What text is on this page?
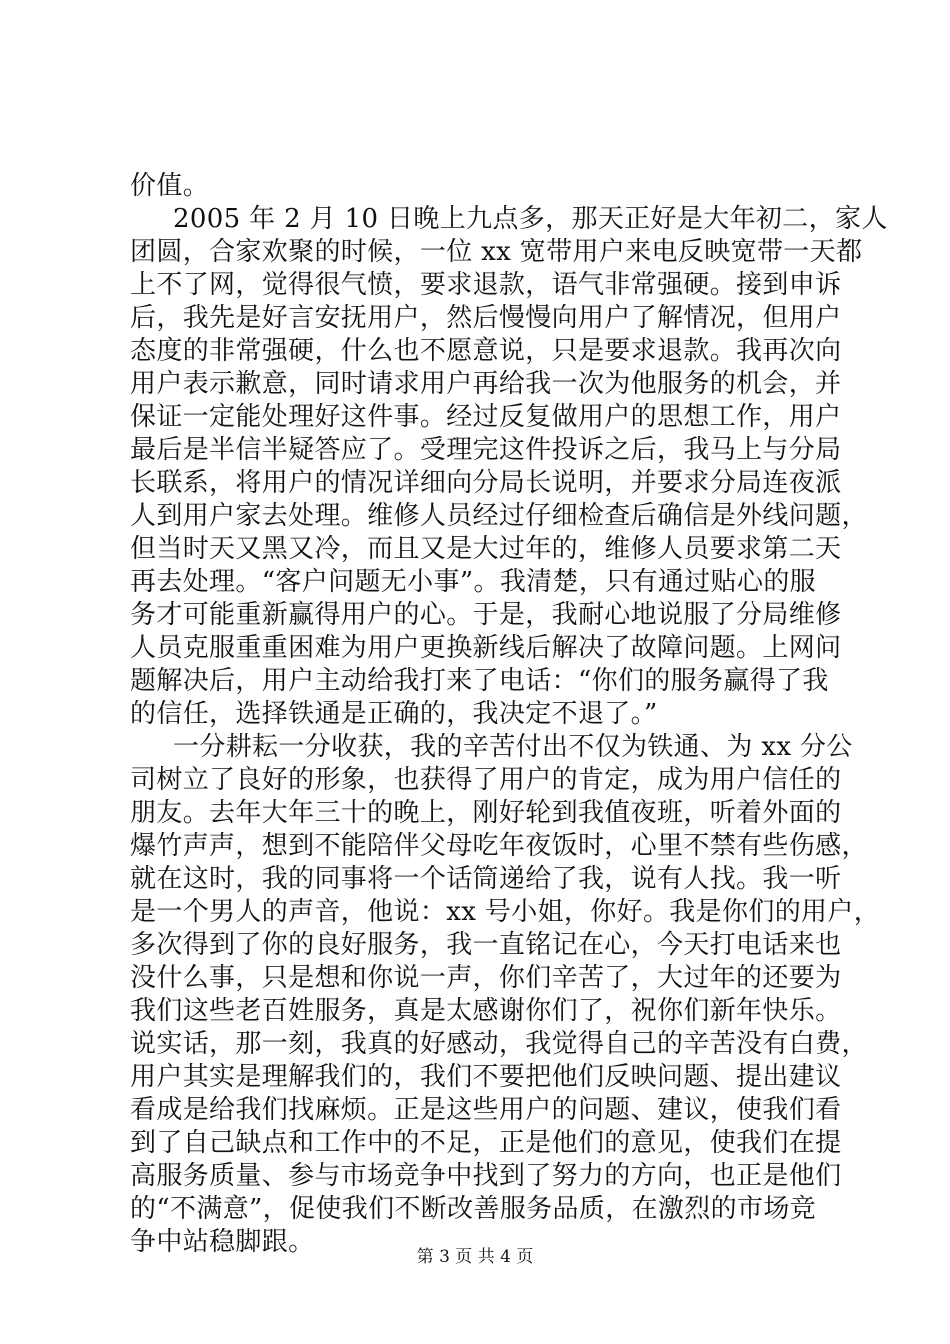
价值。
2005 年 2 月 10 日晚上九点多，那天正好是大年初二，家人
团圆，合家欢聚的时候，一位 xx 宽带用户来电反映宽带一天都
上不了网，觉得很气愤，要求退款，语气非常强硬。接到申诉
后，我先是好言安抚用户，然后慢慢向用户了解情况，但用户
态度的非常强硬，什么也不愿意说，只是要求退款。我再次向
用户表示歉意，同时请求用户再给我一次为他服务的机会，并
保证一定能处理好这件事。经过反复做用户的思想工作，用户
最后是半信半疑答应了。受理完这件投诉之后，我马上与分局
长联系，将用户的情况详细向分局长说明，并要求分局连夜派
人到用户家去处理。维修人员经过仔细检查后确信是外线问题，
但当时天又黑又冷，而且又是大过年的，维修人员要求第二天
再去处理。“客户问题无小事”。我清楚，只有通过贴心的服
务才可能重新赢得用户的心。于是，我耐心地说服了分局维修
人员克服重重困难为用户更换新线后解决了故障问题。上网问
题解决后，用户主动给我打来了电话：“你们的服务赢得了我
的信任，选择铁通是正确的，我决定不退了。”
一分耕耘一分收获，我的辛苦付出不仅为铁通、为 xx 分公
司树立了良好的形象，也获得了用户的肯定，成为用户信任的
朋友。去年大年三十的晚上，刚好轮到我值夜班，听着外面的
爆竹声声，想到不能陪伴父母吃年夜饭时，心里不禁有些伤感，
就在这时，我的同事将一个话筒递给了我，说有人找。我一听
是一个男人的声音，他说：xx 号小姐，你好。我是你们的用户，
多次得到了你的良好服务，我一直铭记在心，今天打电话来也
没什么事，只是想和你说一声，你们辛苦了，大过年的还要为
我们这些老百姓服务，真是太感谢你们了，祝你们新年快乐。
说实话，那一刻，我真的好感动，我觉得自己的辛苦没有白费，
用户其实是理解我们的，我们不要把他们反映问题、提出建议
看成是给我们找麻烦。正是这些用户的问题、建议，使我们看
到了自己缺点和工作中的不足，正是他们的意见，使我们在提
高服务质量、参与市场竞争中找到了努力的方向，也正是他们
的“不满意”，促使我们不断改善服务品质，在激烈的市场竞
争中站稳脚跟。	第 3 页 共 4 页
